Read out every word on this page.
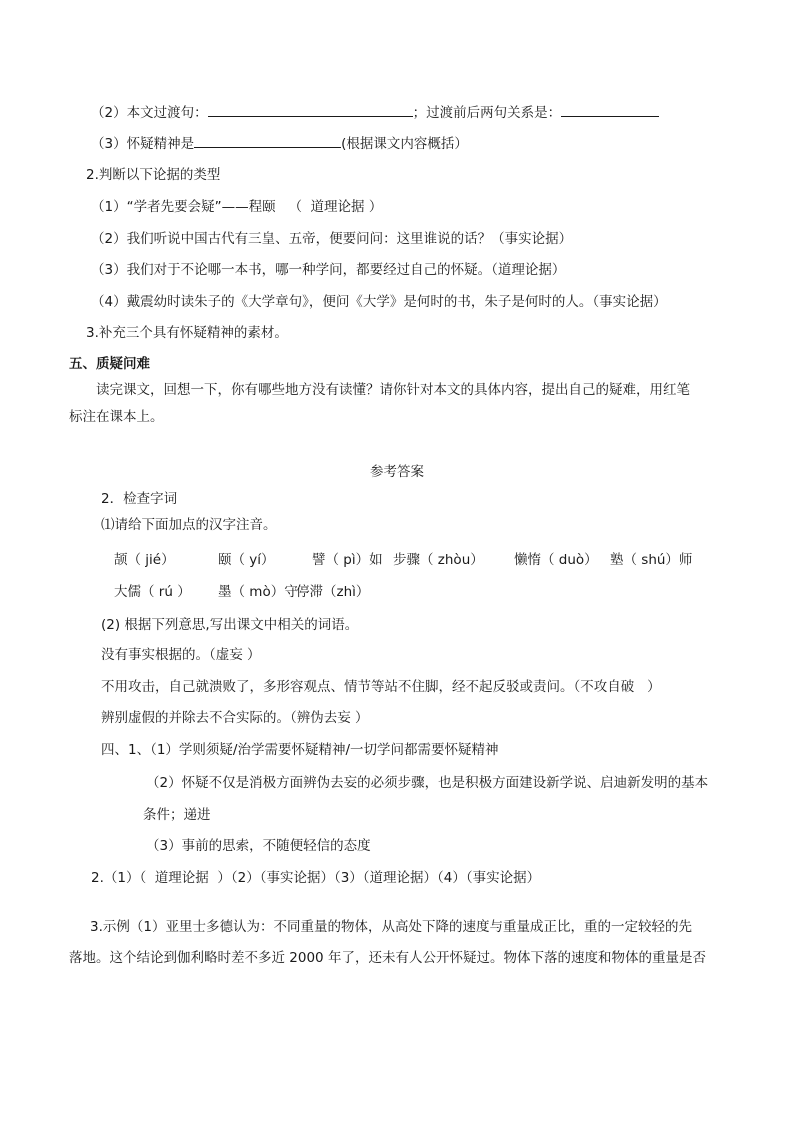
（2）本文过渡句：	；过渡前后两句关系是：
（3）怀疑精神是	(根据课文内容概括）
2.判断以下论据的类型
（1）“学者先要会疑”——程颐   （  道理论据 ）
（2）我们听说中国古代有三皇、五帝，便要问问：这里谁说的话？（事实论据）
（3）我们对于不论哪一本书，哪一种学问，都要经过自己的怀疑。（道理论据）
（4）戴震幼时读朱子的《大学章句》，便问《大学》是何时的书，朱子是何时的人。（事实论据）
3.补充三个具有怀疑精神的素材。
五、质疑问难
读完课文，回想一下，你有哪些地方没有读懂？请你针对本文的具体内容，提出自己的疑难，用红笔
标注在课本上。
参考答案
2．检查字词
⑴请给下面加点的汉字注音。
颉（ jié）	颐（ yí）	譬（ pì）如 步骤（ zhòu） 懒惰（ duò） 塾（ shú）师
大儒（ rú ） 墨（ mò）守
停滞（zhì）
(2) 根据下列意思,写出课文中相关的词语。
没有事实根据的。（虚妄 ）
不用攻击，自己就溃败了，多形容观点、情节等站不住脚，经不起反驳或责问。（不攻自破   ）
辨别虚假的并除去不合实际的。（辨伪去妄 ）
四、1、（1）学则须疑/治学需要怀疑精神/一切学问都需要怀疑精神
（2）怀疑不仅是消极方面辨伪去妄的必须步骤，也是积极方面建设新学说、启迪新发明的基本
条件；递进
（3）事前的思索，不随便轻信的态度
2.（1）（  道理论据  ）（2）（事实论据）（3）（道理论据）（4）（事实论据）
3.示例（1）亚里士多德认为：不同重量的物体，从高处下降的速度与重量成正比，重的一定较轻的先
落地。这个结论到伽利略时差不多近 2000 年了，还未有人公开怀疑过。物体下落的速度和物体的重量是否
